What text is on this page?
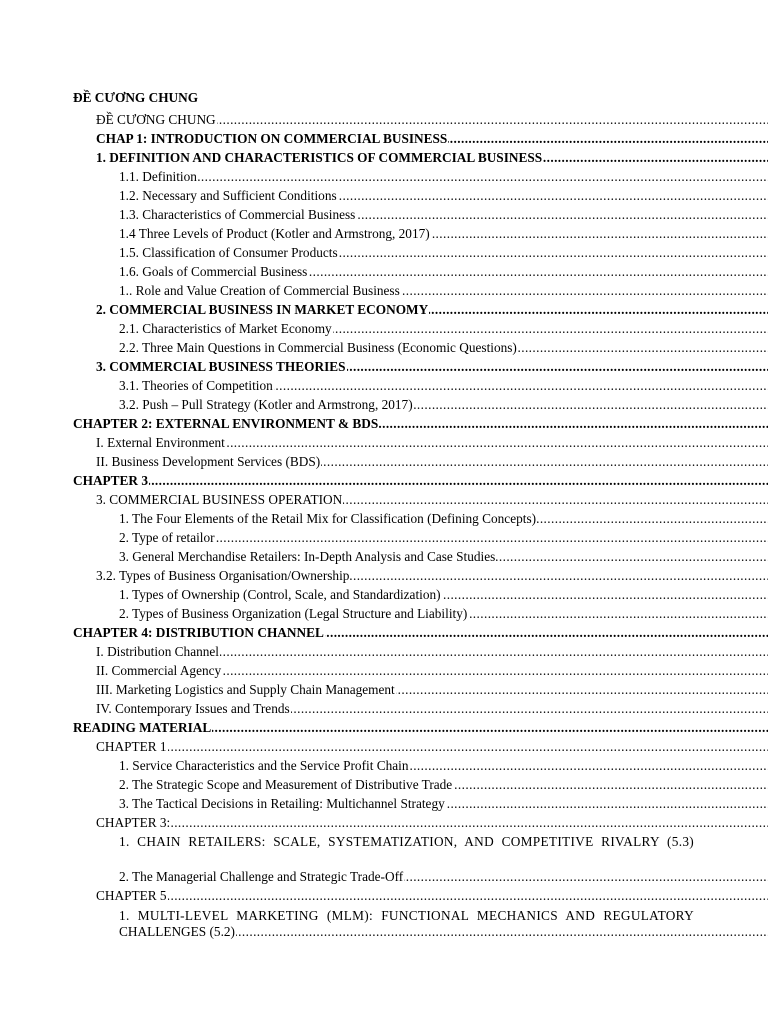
ĐỀ CƯƠNG CHUNG
.....
ĐỀ CƯƠNG CHUNG
.....
CHAP 1: INTRODUCTION ON COMMERCIAL BUSINESS
.....
1. DEFINITION AND CHARACTERISTICS OF COMMERCIAL BUSINESS
.....
1.1. Definition
.....
1.2. Necessary and Sufficient Conditions
.....
1.3. Characteristics of Commercial Business
.....
1.4 Three Levels of Product (Kotler and Armstrong, 2017)
.....
1.5. Classification of Consumer Products
.....
1.6. Goals of Commercial Business
.....
1.. Role and Value Creation of Commercial Business
.....
2. COMMERCIAL BUSINESS IN MARKET ECONOMY
.....
2.1. Characteristics of Market Economy
.....
2.2. Three Main Questions in Commercial Business (Economic Questions)
.....
3. COMMERCIAL BUSINESS THEORIES
.....
3.1. Theories of Competition
.....
3.2. Push – Pull Strategy (Kotler and Armstrong, 2017)
.....
CHAPTER 2: EXTERNAL ENVIRONMENT & BDS
.....
I. External Environment
.....
II. Business Development Services (BDS)
.....
CHAPTER 3
.....
3. COMMERCIAL BUSINESS OPERATION
.....
1. The Four Elements of the Retail Mix for Classification (Defining Concepts)
.....
2. Type of retailor
.....
3. General Merchandise Retailers: In-Depth Analysis and Case Studies
.....
3.2. Types of Business Organisation/Ownership
.....
1. Types of Ownership (Control, Scale, and Standardization)
.....
2. Types of Business Organization (Legal Structure and Liability)
.....
CHAPTER 4: DISTRIBUTION CHANNEL
.....
I. Distribution Channel
.....
II. Commercial Agency
.....
III. Marketing Logistics and Supply Chain Management
.....
IV. Contemporary Issues and Trends
.....
READING MATERIAL
.....
CHAPTER 1
.....
1. Service Characteristics and the Service Profit Chain
.....
2. The Strategic Scope and Measurement of Distributive Trade
.....
3. The Tactical Decisions in Retailing: Multichannel Strategy
.....
CHAPTER 3:
1. CHAIN RETAILERS: SCALE, SYSTEMATIZATION, AND COMPETITIVE RIVALRY (5.3)
.....
2. The Managerial Challenge and Strategic Trade-Off
.....
CHAPTER 5
1. MULTI-LEVEL MARKETING (MLM): FUNCTIONAL MECHANICS AND REGULATORY
.....
CHALLENGES (5.2)
